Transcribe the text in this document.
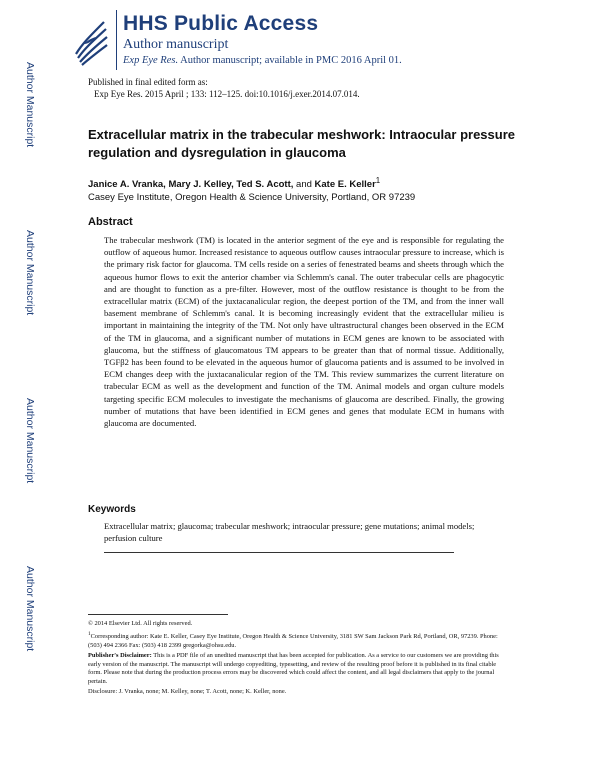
Author Manuscript
Author Manuscript
Author Manuscript
Author Manuscript
HHS Public Access
Author manuscript
Exp Eye Res. Author manuscript; available in PMC 2016 April 01.
Published in final edited form as:
Exp Eye Res. 2015 April ; 133: 112–125. doi:10.1016/j.exer.2014.07.014.
Extracellular matrix in the trabecular meshwork: Intraocular pressure regulation and dysregulation in glaucoma
Janice A. Vranka, Mary J. Kelley, Ted S. Acott, and Kate E. Keller$^1$
Casey Eye Institute, Oregon Health & Science University, Portland, OR 97239
Abstract

The trabecular meshwork (TM) is located in the anterior segment of the eye and is responsible for regulating the outflow of aqueous humor. Increased resistance to aqueous outflow causes intraocular pressure to increase, which is the primary risk factor for glaucoma. TM cells reside on a series of fenestrated beams and sheets through which the aqueous humor flows to exit the anterior chamber via Schlemm's canal. The outer trabecular cells are phagocytic and are thought to function as a pre-filter. However, most of the outflow resistance is thought to be from the extracellular matrix (ECM) of the juxtacanalicular region, the deepest portion of the TM, and from the inner wall basement membrane of Schlemm's canal. It is becoming increasingly evident that the extracellular milieu is important in maintaining the integrity of the TM. Not only have ultrastructural changes been observed in the ECM of the TM in glaucoma, and a significant number of mutations in ECM genes are known to be associated with glaucoma, but the stiffness of glaucomatous TM appears to be greater than that of normal tissue. Additionally, TGFβ2 has been found to be elevated in the aqueous humor of glaucoma patients and is assumed to be involved in ECM changes deep with the juxtacanalicular region of the TM. This review summarizes the current literature on trabecular ECM as well as the development and function of the TM. Animal models and organ culture models targeting specific ECM molecules to investigate the mechanisms of glaucoma are described. Finally, the growing number of mutations that have been identified in ECM genes and genes that modulate ECM in humans with glaucoma are documented.

Keywords
Extracellular matrix; glaucoma; trabecular meshwork; intraocular pressure; gene mutations; animal models; perfusion culture

© 2014 Elsevier Ltd. All rights reserved.

$^1$Corresponding author: Kate E. Keller, Casey Eye Institute, Oregon Health & Science University, 3181 SW Sam Jackson Park Rd, Portland, OR, 97239. Phone: (503) 494 2366 Fax: (503) 418 2399 gregorka@ohsu.edu.

Publisher's Disclaimer: This is a PDF file of an unedited manuscript that has been accepted for publication. As a service to our customers we are providing this early version of the manuscript. The manuscript will undergo copyediting, typesetting, and review of the resulting proof before it is published in its final citable form. Please note that during the production process errors may be discovered which could affect the content, and all legal disclaimers that apply to the journal pertain.

Disclosure: J. Vranka, none; M. Kelley, none; T. Acott, none; K. Keller, none.
